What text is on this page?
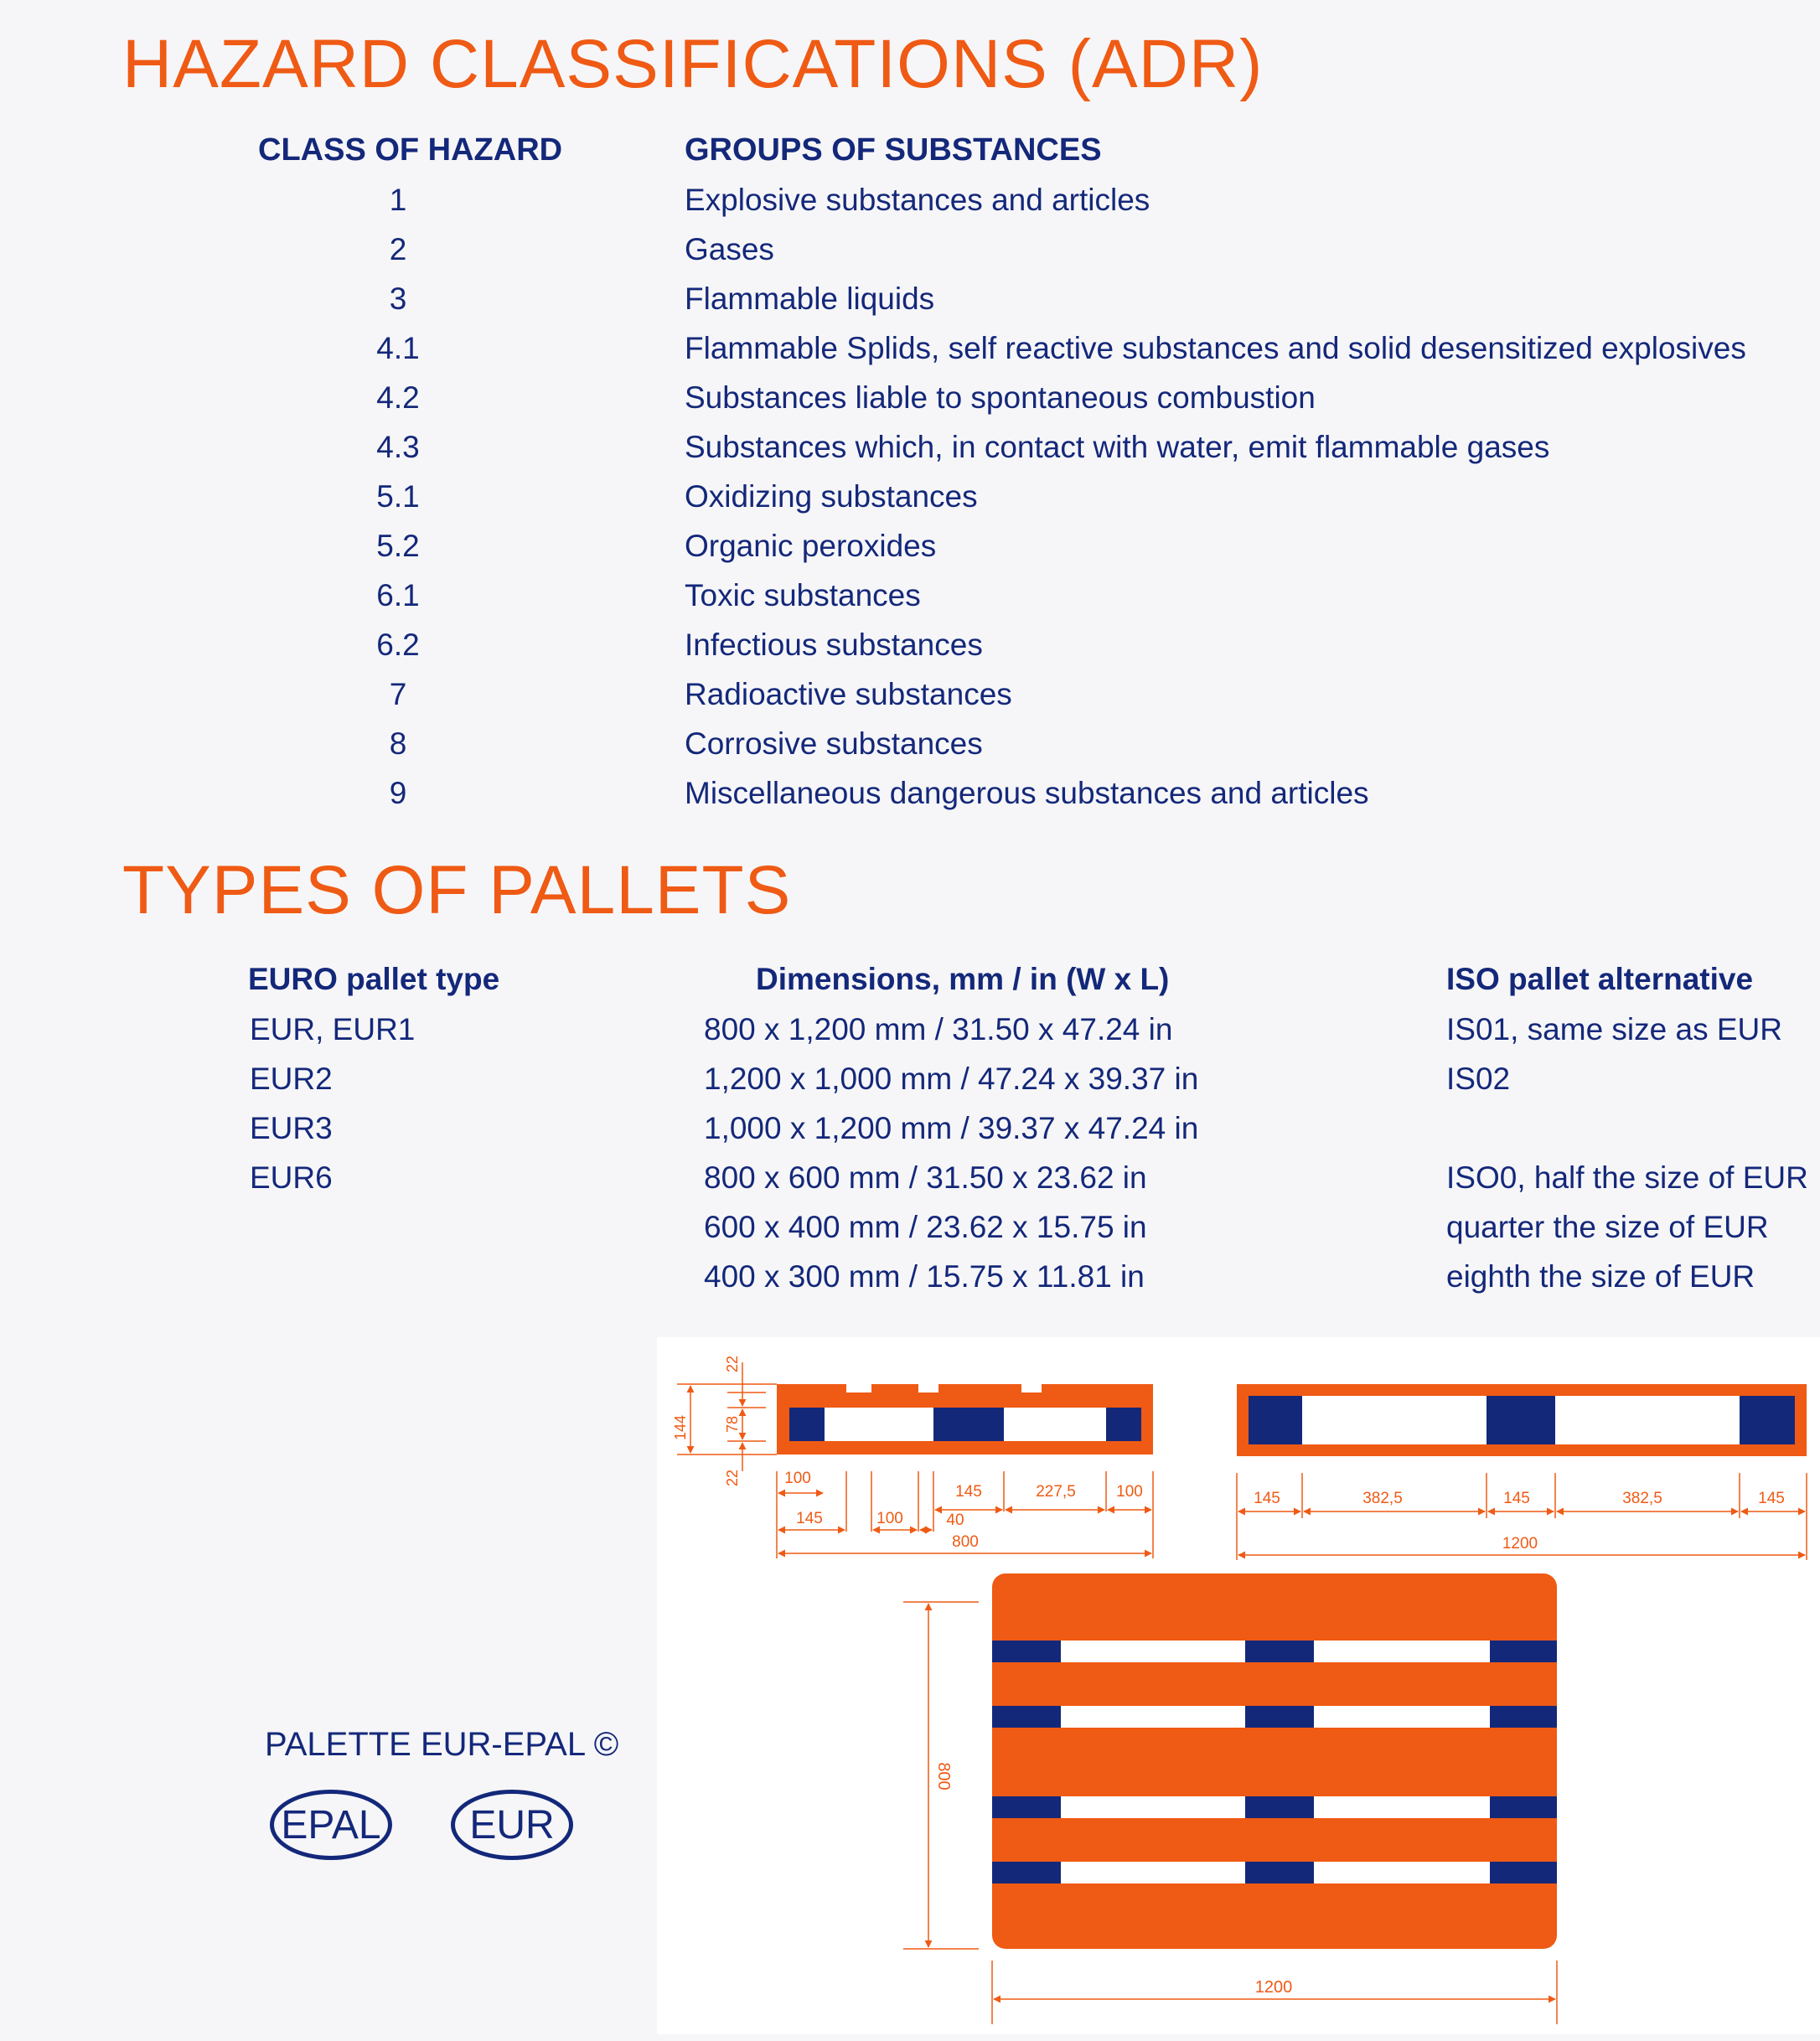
HAZARD CLASSIFICATIONS (ADR)
CLASS OF HAZARD	GROUPS OF SUBSTANCES
1	Explosive substances and articles
2	Gases
3	Flammable liquids
4.1	Flammable Splids, self reactive substances and solid desensitized explosives
4.2	Substances liable to spontaneous combustion
4.3	Substances which, in contact with water, emit flammable gases
5.1	Oxidizing substances
5.2	Organic peroxides
6.1	Toxic substances
6.2	Infectious substances
7	Radioactive substances
8	Corrosive substances
9	Miscellaneous dangerous substances and articles
TYPES OF PALLETS
EURO pallet type	Dimensions, mm / in (W x L)	ISO pallet alternative
EUR, EUR1	800 x 1,200 mm / 31.50 x 47.24 in	IS01, same size as EUR
EUR2	1,200 x 1,000 mm / 47.24 x 39.37 in	IS02
EUR3	1,000 x 1,200 mm / 39.37 x 47.24 in
EUR6	800 x 600 mm / 31.50 x 23.62 in	ISO0, half the size of EUR
600 x 400 mm / 23.62 x 15.75 in	quarter the size of EUR
400 x 300 mm / 15.75 x 11.81 in	eighth the size of EUR
PALETTE EUR-EPAL ©
EPAL EUR
144
22
78
22	100
145	227,5	100
145	100	40
800
145	382,5	145	382,5	145
1200
800
1200
